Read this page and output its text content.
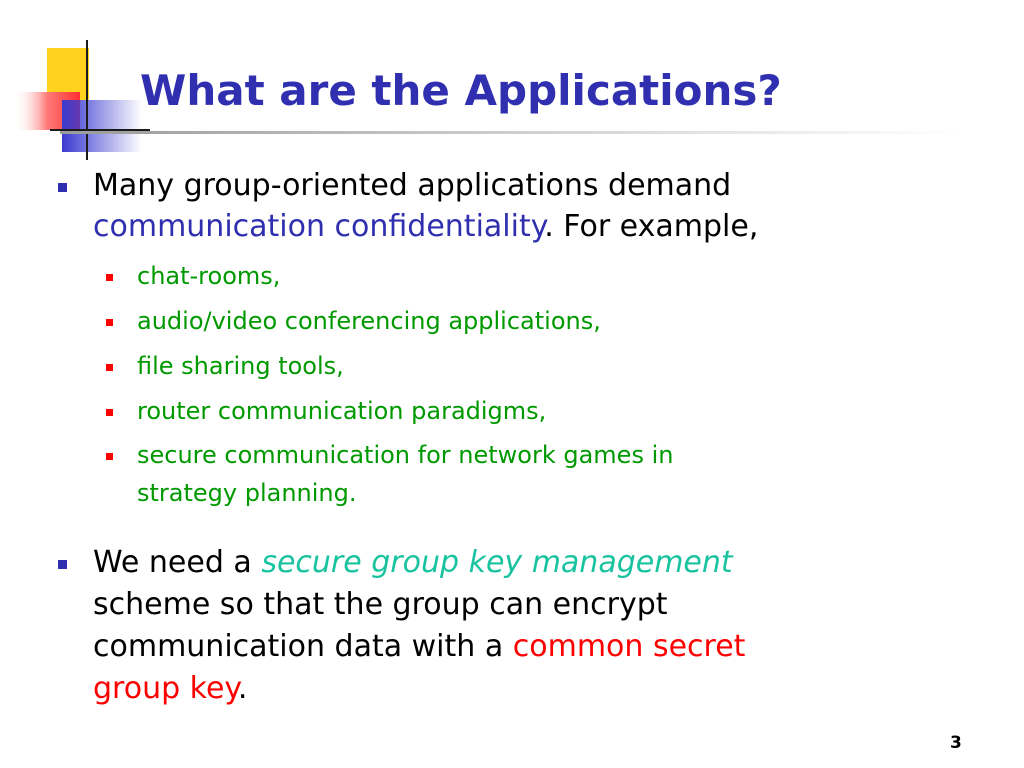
What are the Applications?

Many group-oriented applications demand

communication confidentiality. For example,

chat-rooms,

audio/video conferencing applications,

file sharing tools,

router communication paradigms,

secure communication for network games in

strategy planning.

We need a secure group key management

scheme so that the group can encrypt

communication data with a common secret

group key.

3
